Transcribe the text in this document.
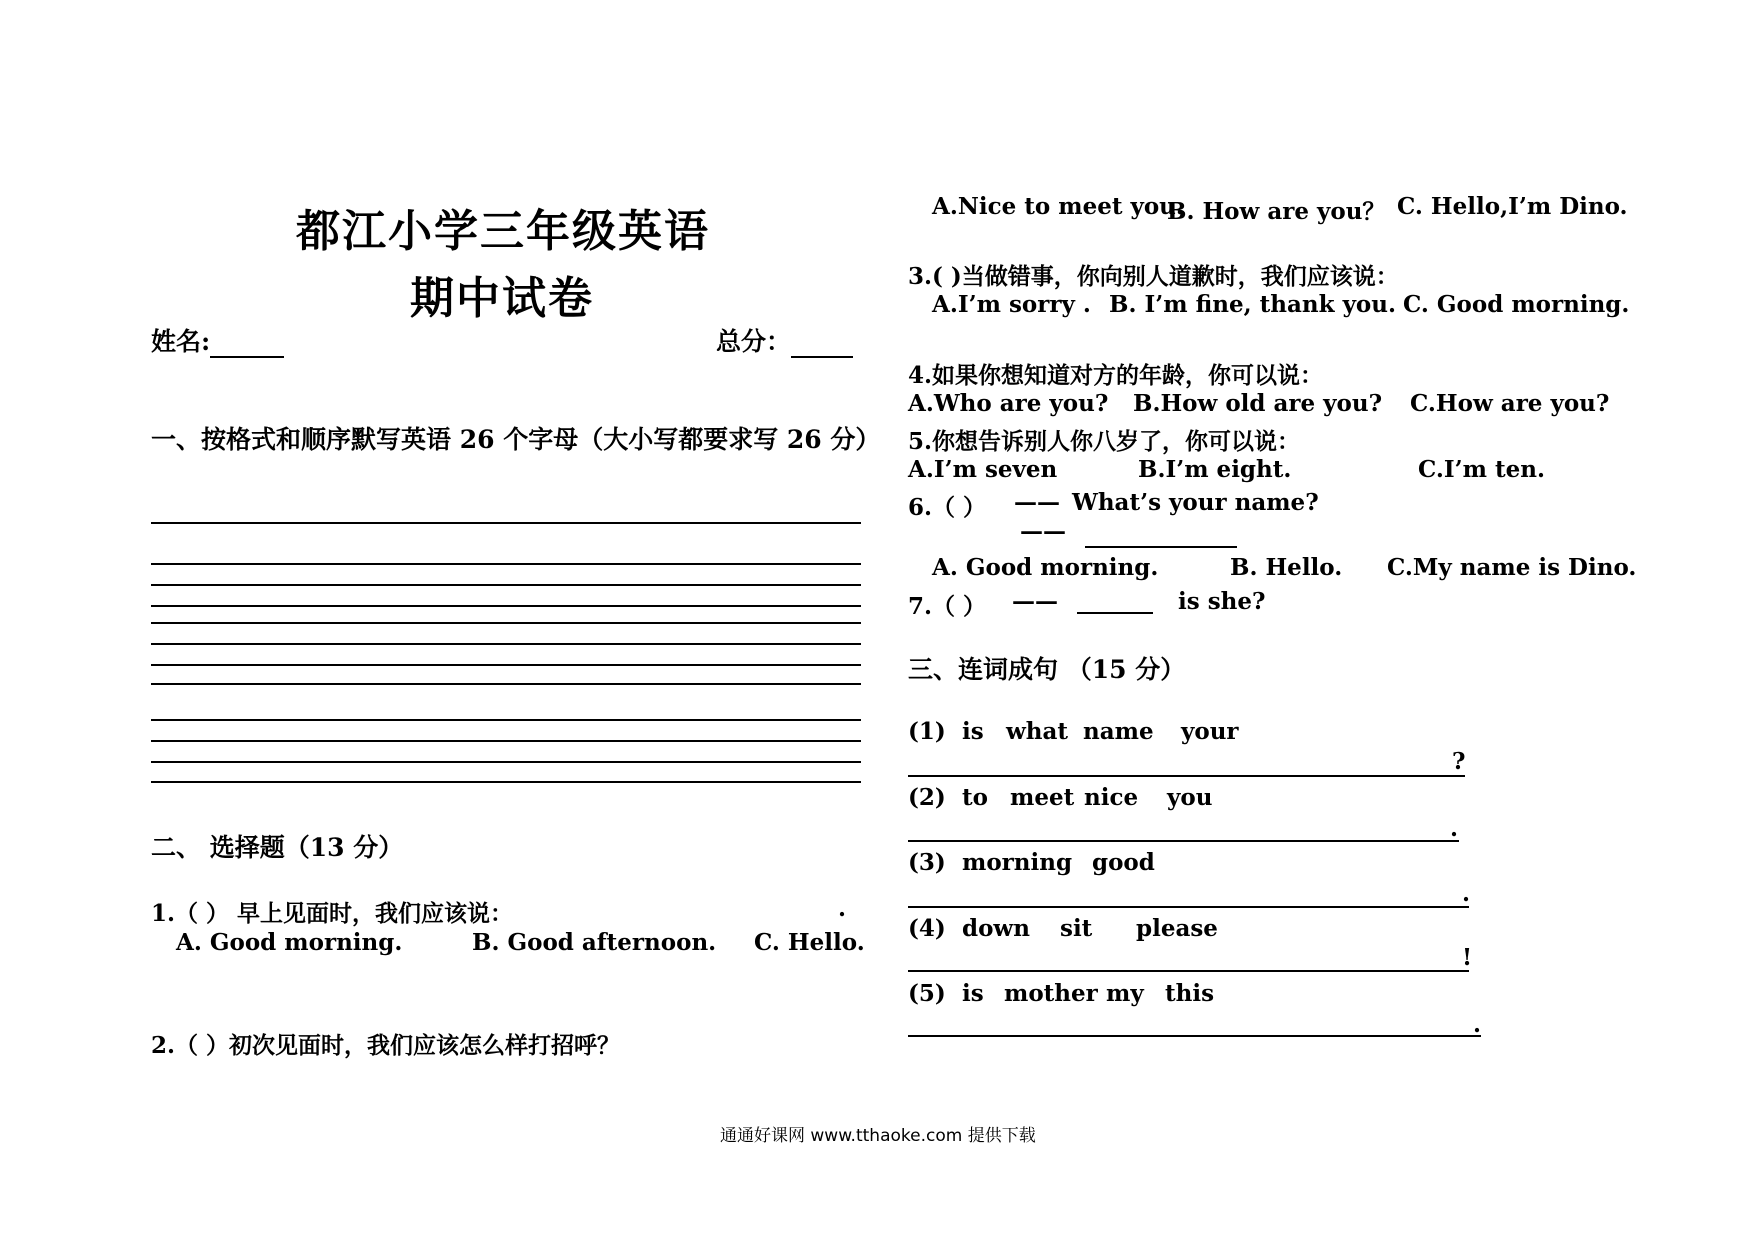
都江小学三年级英语
期中试卷
姓名:	总分：
一、按格式和顺序默写英语 26 个字母（大小写都要求写 26 分）
二、 选择题（13 分）
1.（ ） 早上见面时，我们应该说：	.
A. Good morning.	B. Good afternoon. C. Hello.
2.（ ）初次见面时，我们应该怎么样打招呼？
A.Nice to meet you.
B. How are you？ C. Hello,I’m Dino.
3.( )当做错事，你向别人道歉时，我们应该说：
A.I’m sorry . B. I’m fine, thank you. C. Good morning.
4.如果你想知道对方的年龄，你可以说：
A.Who are you? B.How old are you? C.How are you?
5.你想告诉别人你八岁了，你可以说：
A.I’m seven	B.I’m eight.	C.I’m ten.
6.（ ） —— What’s your name?
——
A. Good morning.	B. Hello. C.My name is Dino.
7.（ ） ——	is she?
三、连词成句 （15 分）
(1) is what name your
?
(2) to meet nice you
.
(3) morning good
.
(4) down sit please
!
(5) is mother my this
.
通通好课网 www.tthaoke.com 提供下载
